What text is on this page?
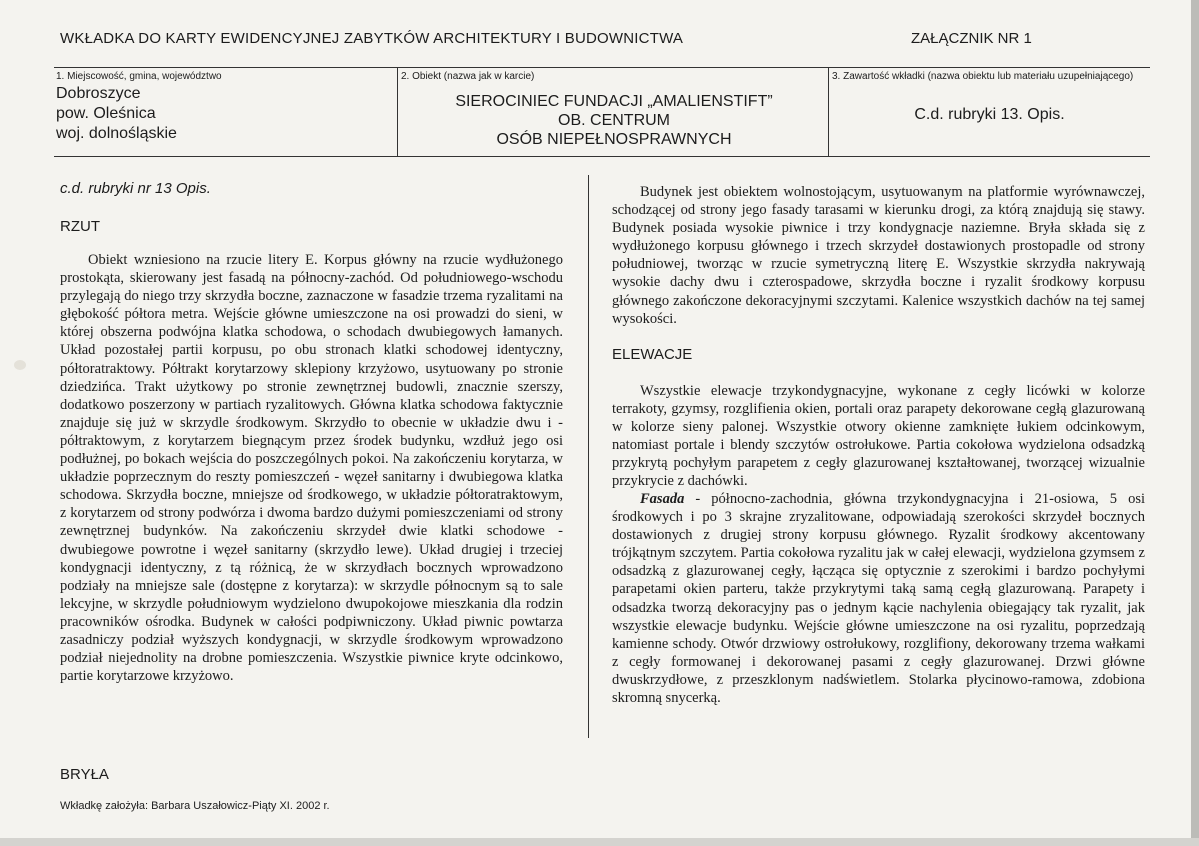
WKŁADKA DO KARTY EWIDENCYJNEJ ZABYTKÓW ARCHITEKTURY I BUDOWNICTWA	ZAŁĄCZNIK NR 1
1. Miejscowość, gmina, województwo
Dobroszyce
pow. Oleśnica
woj. dolnośląskie
2. Obiekt (nazwa jak w karcie)
SIEROCINIEC FUNDACJI „AMALIENSTIFT”
OB. CENTRUM
OSÓB NIEPEŁNOSPRAWNYCH
3. Zawartość wkładki (nazwa obiektu lub materiału uzupełniającego)
C.d. rubryki 13. Opis.
c.d. rubryki nr 13 Opis.
RZUT

Obiekt wzniesiono na rzucie litery E. Korpus główny na rzucie wydłużonego prostokąta, skierowany jest fasadą na północny-zachód. Od południowego-wschodu przylegają do niego trzy skrzydła boczne, zaznaczone w fasadzie trzema ryzalitami na głębokość półtora metra. Wejście główne umieszczone na osi prowadzi do sieni, w której obszerna podwójna klatka schodowa, o schodach dwubiegowych łamanych. Układ pozostałej partii korpusu, po obu stronach klatki schodowej identyczny, półtoratraktowy. Półtrakt korytarzowy sklepiony krzyżowo, usytuowany po stronie dziedzińca. Trakt użytkowy po stronie zewnętrznej budowli, znacznie szerszy, dodatkowo poszerzony w partiach ryzalitowych. Główna klatka schodowa faktycznie znajduje się już w skrzydle środkowym. Skrzydło to obecnie w układzie dwu i - półtraktowym, z korytarzem biegnącym przez środek budynku, wzdłuż jego osi podłużnej, po bokach wejścia do poszczególnych pokoi. Na zakończeniu korytarza, w układzie poprzecznym do reszty pomieszczeń - węzeł sanitarny i dwubiegowa klatka schodowa. Skrzydła boczne, mniejsze od środkowego, w układzie półtoratraktowym, z korytarzem od strony podwórza i dwoma bardzo dużymi pomieszczeniami od strony zewnętrznej budynków. Na zakończeniu skrzydeł dwie klatki schodowe - dwubiegowe powrotne i węzeł sanitarny (skrzydło lewe). Układ drugiej i trzeciej kondygnacji identyczny, z tą różnicą, że w skrzydłach bocznych wprowadzono podziały na mniejsze sale (dostępne z korytarza): w skrzydle północnym są to sale lekcyjne, w skrzydle południowym wydzielono dwupokojowe mieszkania dla rodzin pracowników ośrodka. Budynek w całości podpiwniczony. Układ piwnic powtarza zasadniczy podział wyższych kondygnacji, w skrzydle środkowym wprowadzono podział niejednolity na drobne pomieszczenia. Wszystkie piwnice kryte odcinkowo, partie korytarzowe krzyżowo.

BRYŁA

Budynek jest obiektem wolnostojącym, usytuowanym na platformie wyrównawczej, schodzącej od strony jego fasady tarasami w kierunku drogi, za którą znajdują się stawy. Budynek posiada wysokie piwnice i trzy kondygnacje naziemne. Bryła składa się z wydłużonego korpusu głównego i trzech skrzydeł dostawionych prostopadle od strony południowej, tworząc w rzucie symetryczną literę E. Wszystkie skrzydła nakrywają wysokie dachy dwu i czterospadowe, skrzydła boczne i ryzalit środkowy korpusu głównego zakończone dekoracyjnymi szczytami. Kalenice wszystkich dachów na tej samej wysokości.

ELEWACJE

Wszystkie elewacje trzykondygnacyjne, wykonane z cegły licówki w kolorze terrakoty, gzymsy, rozglifienia okien, portali oraz parapety dekorowane cegłą glazurowaną w kolorze sieny palonej. Wszystkie otwory okienne zamknięte łukiem odcinkowym, natomiast portale i blendy szczytów ostrołukowe. Partia cokołowa wydzielona odsadzką przykrytą pochyłym parapetem z cegły glazurowanej kształtowanej, tworzącej wizualnie przykrycie z dachówki.

Fasada - północno-zachodnia, główna trzykondygnacyjna i 21-osiowa, 5 osi środkowych i po 3 skrajne zryzalitowane, odpowiadają szerokości skrzydeł bocznych dostawionych z drugiej strony korpusu głównego. Ryzalit środkowy akcentowany trójkątnym szczytem. Partia cokołowa ryzalitu jak w całej elewacji, wydzielona gzymsem z odsadzką z glazurowanej cegły, łącząca się optycznie z szerokimi i bardzo pochyłymi parapetami okien parteru, także przykrytymi taką samą cegłą glazurowaną. Parapety i odsadzka tworzą dekoracyjny pas o jednym kącie nachylenia obiegający tak ryzalit, jak wszystkie elewacje budynku. Wejście główne umieszczone na osi ryzalitu, poprzedzają kamienne schody. Otwór drzwiowy ostrołukowy, rozglifiony, dekorowany trzema wałkami z cegły formowanej i dekorowanej pasami z cegły glazurowanej. Drzwi główne dwuskrzydłowe, z przeszklonym nadświetlem. Stolarka płycinowo-ramowa, zdobiona skromną snycerką.

Wkładkę założyła: Barbara Uszałowicz-Piąty XI. 2002 r.
